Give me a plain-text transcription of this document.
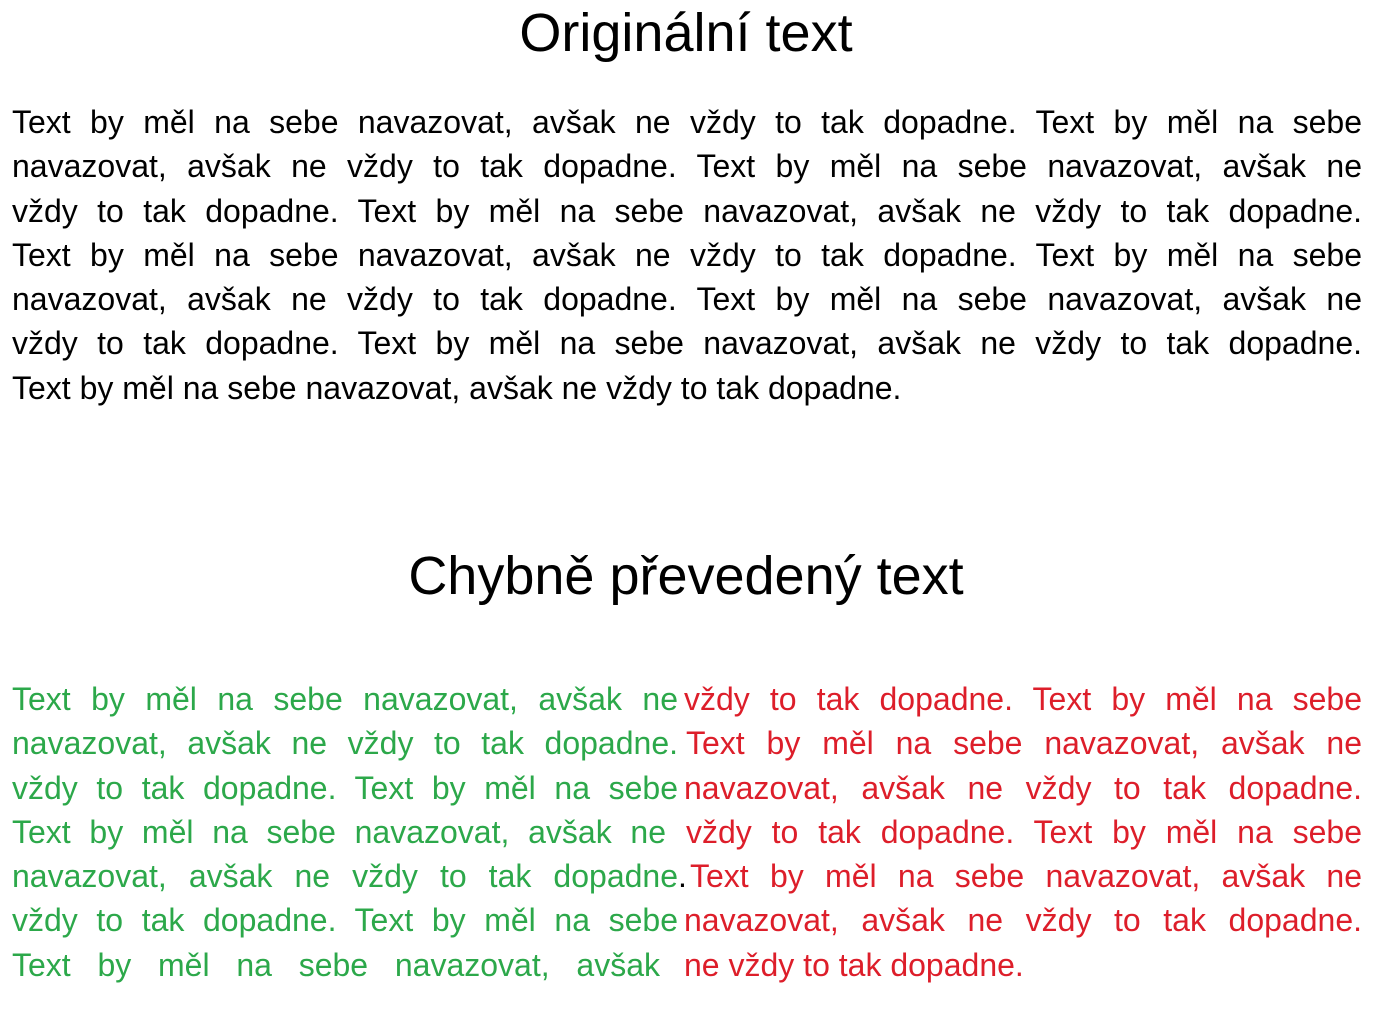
Originální text
Text by měl na sebe navazovat, avšak ne vždy to tak dopadne. Text by měl na sebe
navazovat, avšak ne vždy to tak dopadne. Text by měl na sebe navazovat, avšak ne
vždy to tak dopadne. Text by měl na sebe navazovat, avšak ne vždy to tak dopadne.
Text by měl na sebe navazovat, avšak ne vždy to tak dopadne. Text by měl na sebe
navazovat, avšak ne vždy to tak dopadne. Text by měl na sebe navazovat, avšak ne
vždy to tak dopadne. Text by měl na sebe navazovat, avšak ne vždy to tak dopadne.
Text by měl na sebe navazovat, avšak ne vždy to tak dopadne.
Chybně převedený text
Text by měl na sebe navazovat, avšak ne vždy to tak dopadne. Text by měl na sebe
navazovat, avšak ne vždy to tak dopadne. Text by měl na sebe navazovat, avšak ne
vždy to tak dopadne. Text by měl na sebe navazovat, avšak ne vždy to tak dopadne.
Text by měl na sebe navazovat, avšak ne vždy to tak dopadne. Text by měl na sebe
navazovat, avšak ne vždy to tak dopadne . Text by měl na sebe navazovat, avšak ne
vždy to tak dopadne. Text by měl na sebe navazovat, avšak ne vždy to tak dopadne.
Text by měl na sebe navazovat, avšak ne vždy to tak dopadne.
